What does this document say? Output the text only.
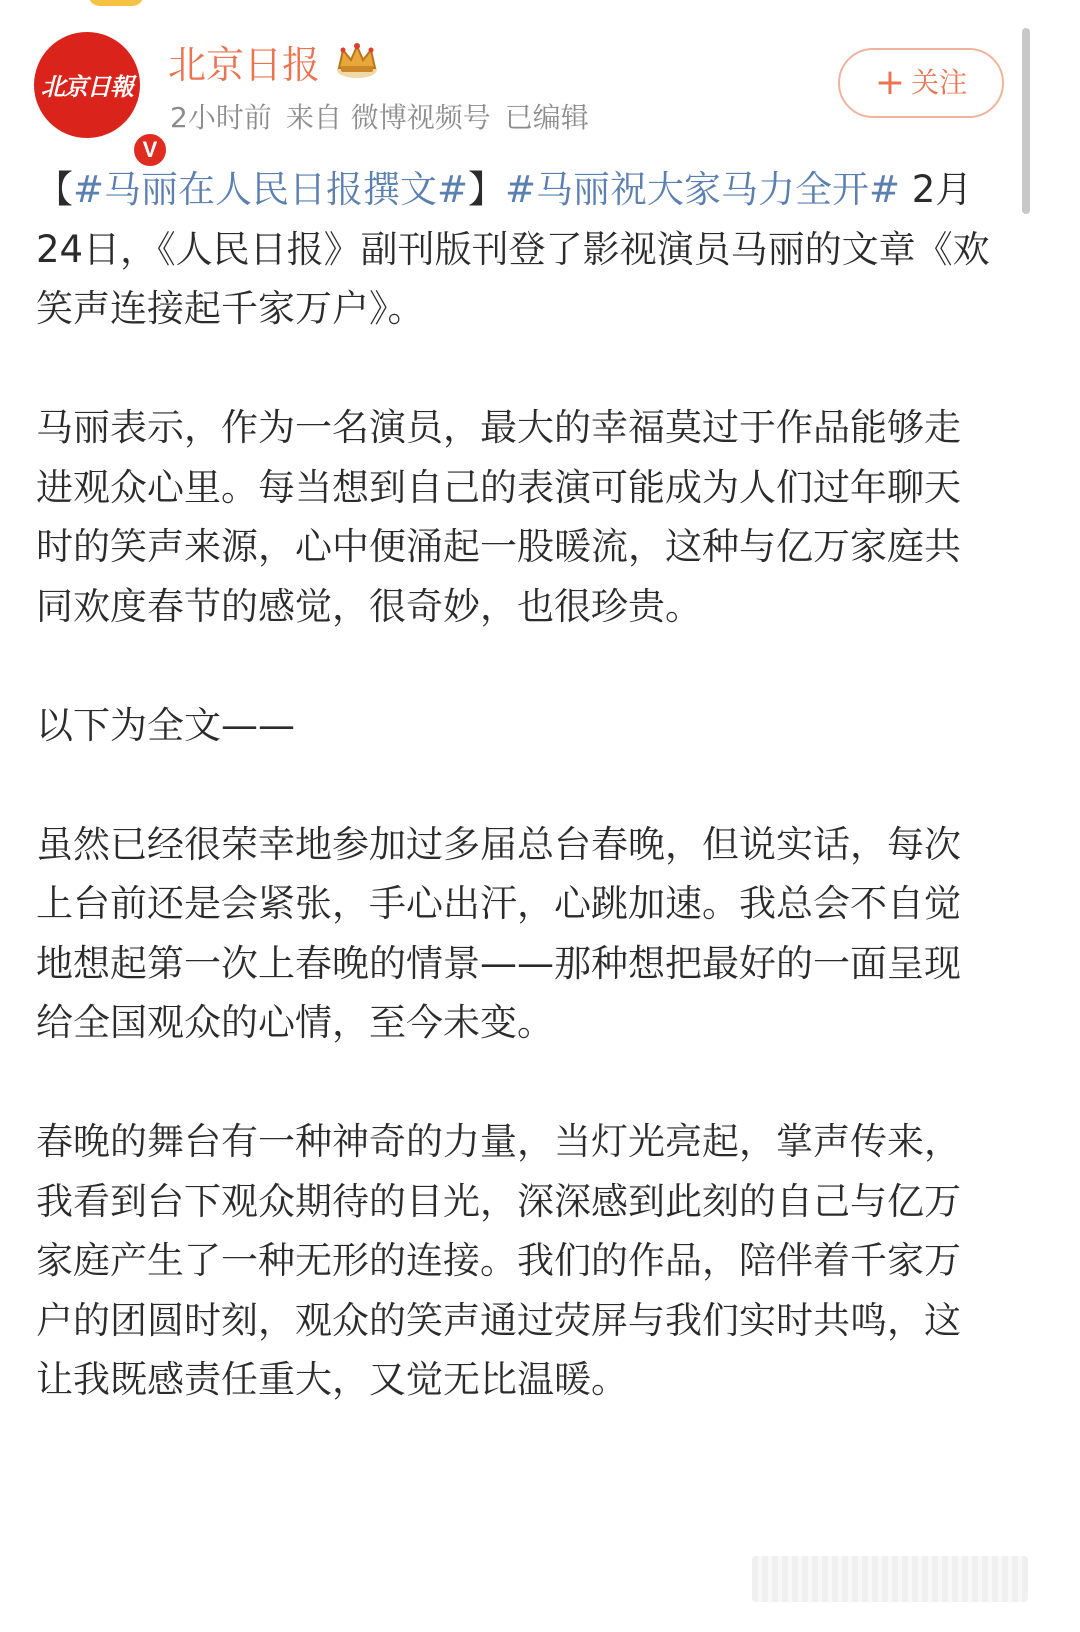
北京日報
V
北京日报
2小时前 来自 微博视频号 已编辑
+ 关注

【#马丽在人民日报撰文#】#马丽祝大家马力全开# 2月24日，《人民日报》副刊版刊登了影视演员马丽的文章《欢笑声连接起千家万户》。

马丽表示，作为一名演员，最大的幸福莫过于作品能够走进观众心里。每当想到自己的表演可能成为人们过年聊天时的笑声来源，心中便涌起一股暖流，这种与亿万家庭共同欢度春节的感觉，很奇妙，也很珍贵。

以下为全文——

虽然已经很荣幸地参加过多届总台春晚，但说实话，每次上台前还是会紧张，手心出汗，心跳加速。我总会不自觉地想起第一次上春晚的情景——那种想把最好的一面呈现给全国观众的心情，至今未变。

春晚的舞台有一种神奇的力量，当灯光亮起，掌声传来，我看到台下观众期待的目光，深深感到此刻的自己与亿万家庭产生了一种无形的连接。我们的作品，陪伴着千家万户的团圆时刻，观众的笑声通过荧屏与我们实时共鸣，这让我既感责任重大，又觉无比温暖。
